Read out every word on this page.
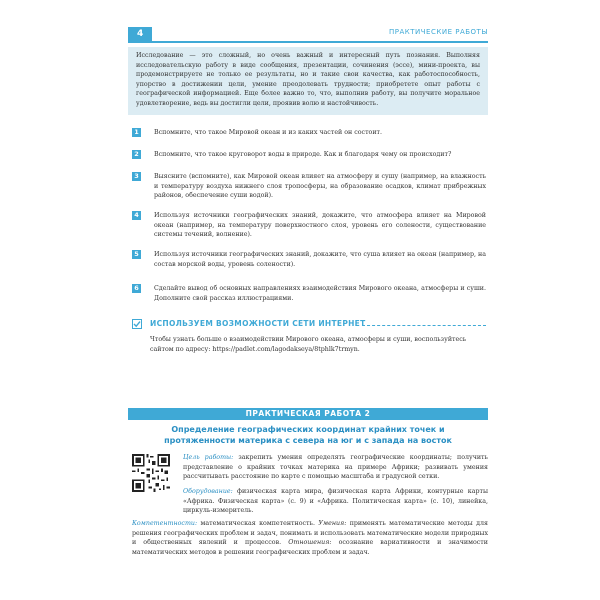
4	ПРАКТИЧЕСКИЕ РАБОТЫ
Исследование — это сложный, но очень важный и интересный путь познания. Выполняя исследовательскую работу в виде сообщения, презентации, сочинения (эссе), мини-проекта, вы продемонстрируете не только ее результаты, но и такие свои качества, как работоспособность, упорство в достижении цели, умение преодолевать трудности; приобретете опыт работы с географической информацией. Еще более важно то, что, выполнив работу, вы получите моральное удовлетворение, ведь вы достигли цели, проявив волю и настойчивость.
1	Вспомните, что такое Мировой океан и из каких частей он состоит.
2	Вспомните, что такое круговорот воды в природе. Как и благодаря чему он происходит?
3	Выясните (вспомните), как Мировой океан влияет на атмосферу и сушу (например, на влажность и температуру воздуха нижнего слоя тропосферы, на образование осадков, климат прибрежных районов, обеспечение суши водой).
4	Используя источники географических знаний, докажите, что атмосфера влияет на Мировой океан (например, на температуру поверхностного слоя, уровень его солености, существование системы течений, волнение).
5	Используя источники географических знаний, докажите, что суша влияет на океан (например, на состав морской воды, уровень солености).
6	Сделайте вывод об основных направлениях взаимодействия Мирового океана, атмосферы и суши. Дополните свой рассказ иллюстрациями.
ИСПОЛЬЗУЕМ ВОЗМОЖНОСТИ СЕТИ ИНТЕРНЕТ
Чтобы узнать больше о взаимодействии Мирового океана, атмосферы и суши, воспользуйтесь сайтом по адресу: https://padlet.com/lagodakseya/8tphlk7trmyn.
ПРАКТИЧЕСКАЯ РАБОТА 2
Определение географических координат крайних точек и протяженности материка с севера на юг и с запада на восток
Цель работы: закрепить умения определять географические координаты; получить представление о крайних точках материка на примере Африки; развивать умения рассчитывать расстояние по карте с помощью масштаба и градусной сетки.
Оборудование: физическая карта мира, физическая карта Африки, контурные карты «Африка. Физическая карта» (с. 9) и «Африка. Политическая карта» (с. 10), линейка, циркуль-измеритель.
Компетентности: математическая компетентность. Умения: применять математические методы для решения географических проблем и задач, понимать и использовать математические модели природных и общественных явлений и процессов. Отношения: осознание вариативности и значимости математических методов в решении географических проблем и задач.
